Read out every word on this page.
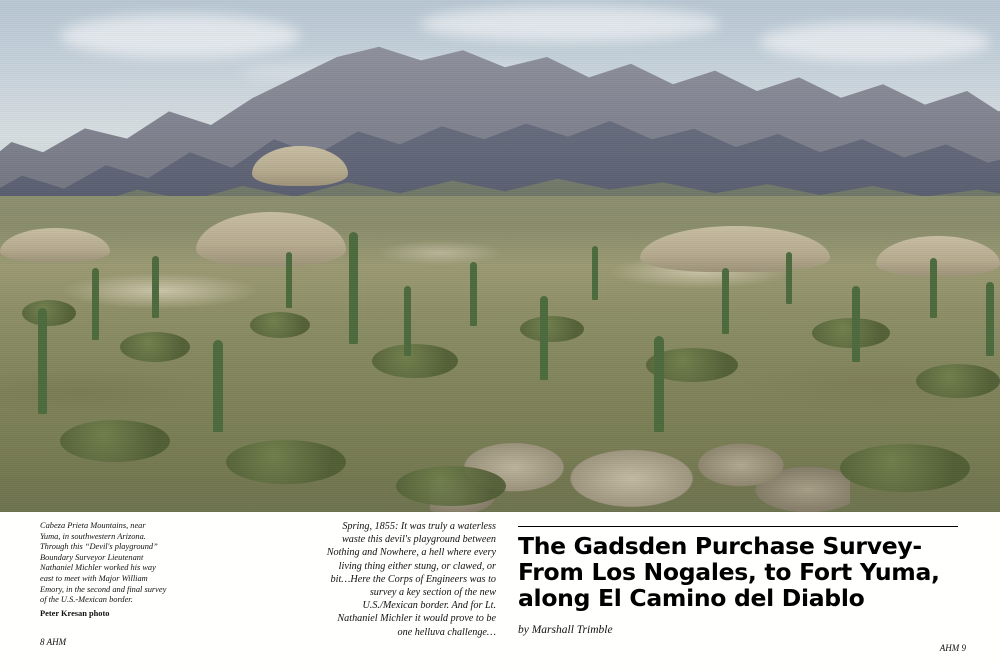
Cabeza Prieta Mountains, near Yuma, in southwestern Arizona. Through this “Devil's playground” Boundary Surveyor Lieutenant Nathaniel Michler worked his way east to meet with Major William Emory, in the second and final survey of the U.S.-Mexican border.
Peter Kresan photo
Spring, 1855: It was truly a waterless waste this devil's playground between Nothing and Nowhere, a hell where every living thing either stung, or clawed, or bit…Here the Corps of Engineers was to survey a key section of the new U.S./Mexican border. And for Lt. Nathaniel Michler it would prove to be one helluva challenge…
The Gadsden Purchase Survey-
From Los Nogales, to Fort Yuma,
along El Camino del Diablo
by Marshall Trimble
8 AHM
AHM 9
